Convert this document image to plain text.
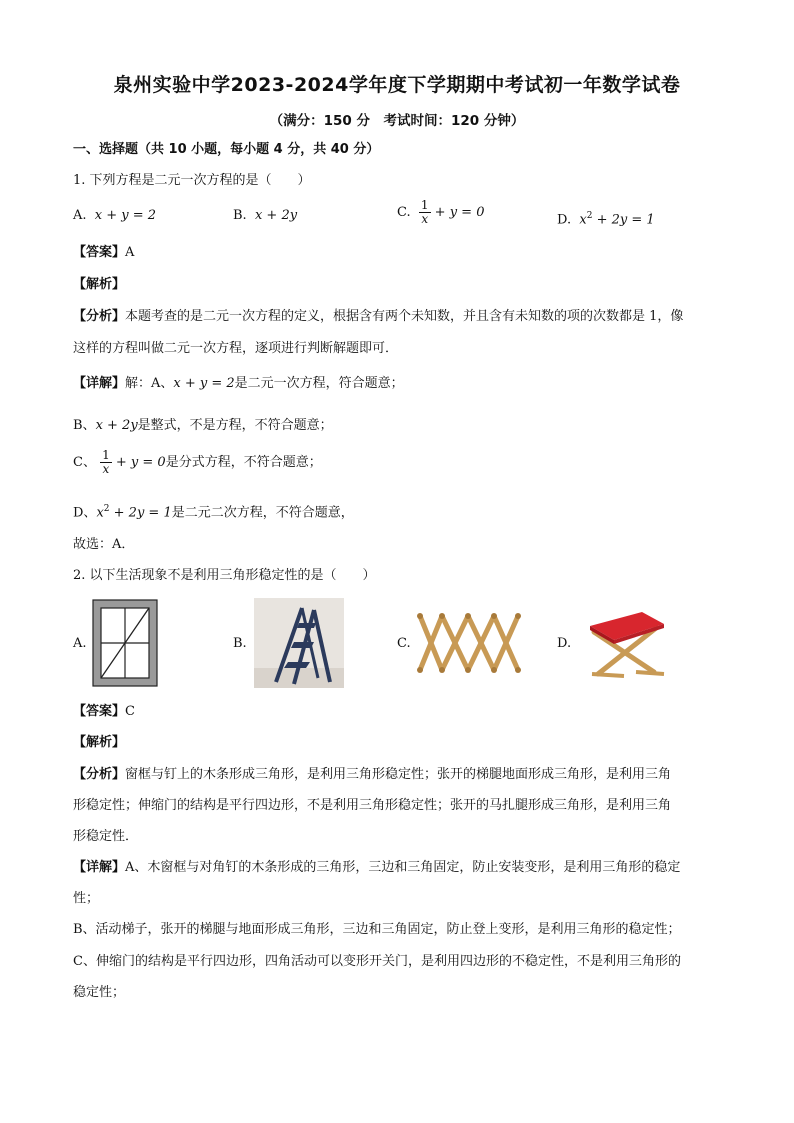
泉州实验中学2023-2024学年度下学期期中考试初一年数学试卷
（满分：150 分　考试时间：120 分钟）
一、选择题（共 10 小题，每小题 4 分，共 40 分）
1. 下列方程是二元一次方程的是（　　）
A. x + y = 2	B. x + 2y	C. $\frac{1}{x} + y = 0$	D. $x^2 + 2y = 1$
【答案】A
【解析】
【分析】本题考查的是二元一次方程的定义，根据含有两个未知数，并且含有未知数的项的次数都是 1，像
这样的方程叫做二元一次方程，逐项进行判断解题即可．
【详解】解：A、x + y = 2是二元一次方程，符合题意；
B、x + 2y是整式，不是方程，不符合题意；
C、 $\frac{1}{x} + y = 0$是分式方程，不符合题意；
D、$x^2 + 2y = 1$是二元二次方程，不符合题意，
故选：A．
2. 以下生活现象不是利用三角形稳定性的是（　　）
A.	B.	C.	D.
【答案】C
【解析】
【分析】窗框与钉上的木条形成三角形，是利用三角形稳定性；张开的梯腿地面形成三角形，是利用三角
形稳定性；伸缩门的结构是平行四边形，不是利用三角形稳定性；张开的马扎腿形成三角形，是利用三角
形稳定性．
【详解】A、木窗框与对角钉的木条形成的三角形，三边和三角固定，防止安装变形，是利用三角形的稳定
性；
B、活动梯子，张开的梯腿与地面形成三角形，三边和三角固定，防止登上变形，是利用三角形的稳定性；
C、伸缩门的结构是平行四边形，四角活动可以变形开关门，是利用四边形的不稳定性，不是利用三角形的
稳定性；
